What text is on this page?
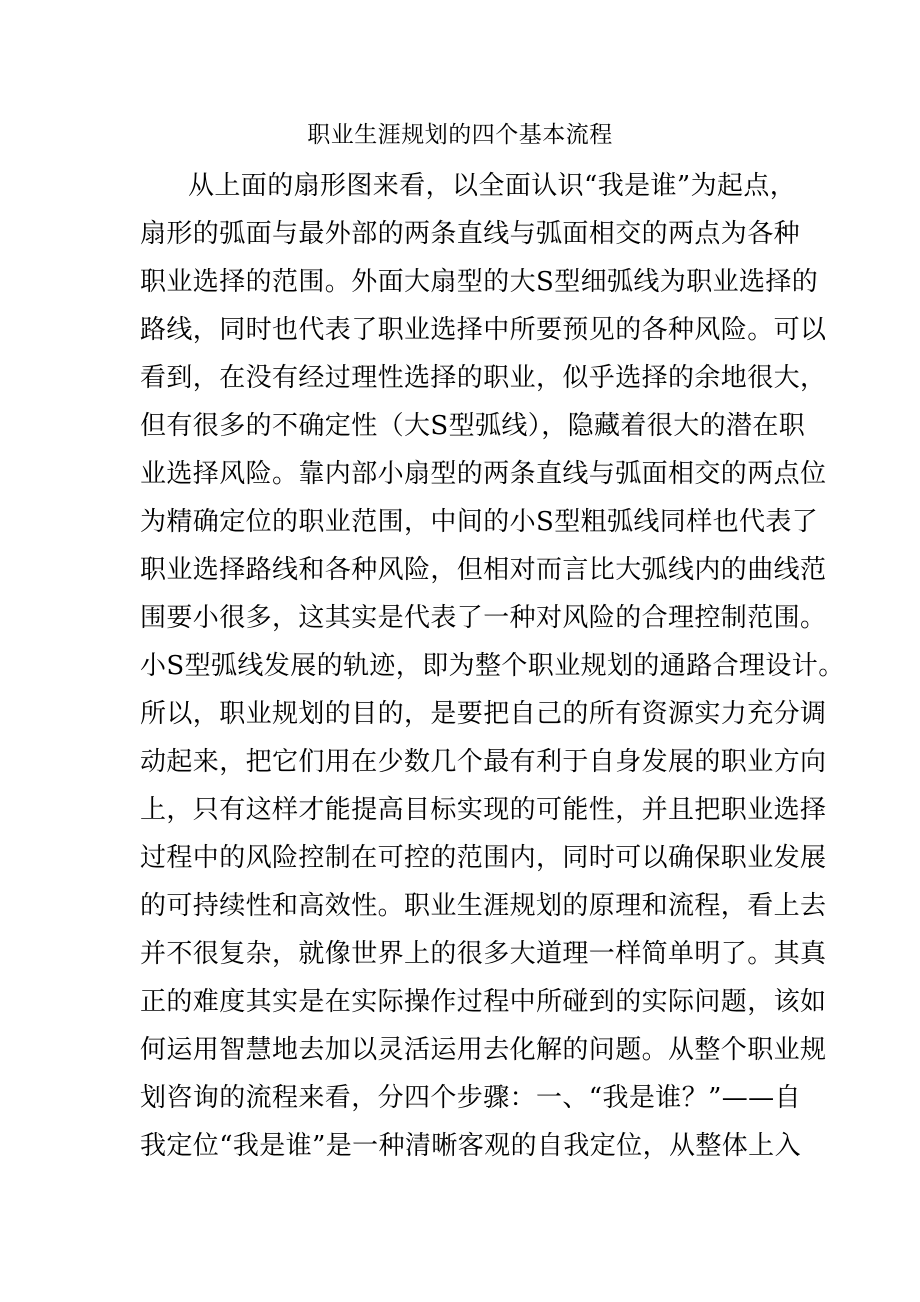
职业生涯规划的四个基本流程
从上面的扇形图来看，以全面认识“我是谁”为起点，
扇形的弧面与最外部的两条直线与弧面相交的两点为各种
职业选择的范围。外面大扇型的大S型细弧线为职业选择的
路线，同时也代表了职业选择中所要预见的各种风险。可以
看到，在没有经过理性选择的职业，似乎选择的余地很大，
但有很多的不确定性（大S型弧线），隐藏着很大的潜在职
业选择风险。靠内部小扇型的两条直线与弧面相交的两点位
为精确定位的职业范围，中间的小S型粗弧线同样也代表了
职业选择路线和各种风险，但相对而言比大弧线内的曲线范
围要小很多，这其实是代表了一种对风险的合理控制范围。
小S型弧线发展的轨迹，即为整个职业规划的通路合理设计。
所以，职业规划的目的，是要把自己的所有资源实力充分调
动起来，把它们用在少数几个最有利于自身发展的职业方向
上，只有这样才能提高目标实现的可能性，并且把职业选择
过程中的风险控制在可控的范围内，同时可以确保职业发展
的可持续性和高效性。职业生涯规划的原理和流程，看上去
并不很复杂，就像世界上的很多大道理一样简单明了。其真
正的难度其实是在实际操作过程中所碰到的实际问题，该如
何运用智慧地去加以灵活运用去化解的问题。从整个职业规
划咨询的流程来看，分四个步骤：一、“我是谁？”——自
我定位“我是谁”是一种清晰客观的自我定位，从整体上入
